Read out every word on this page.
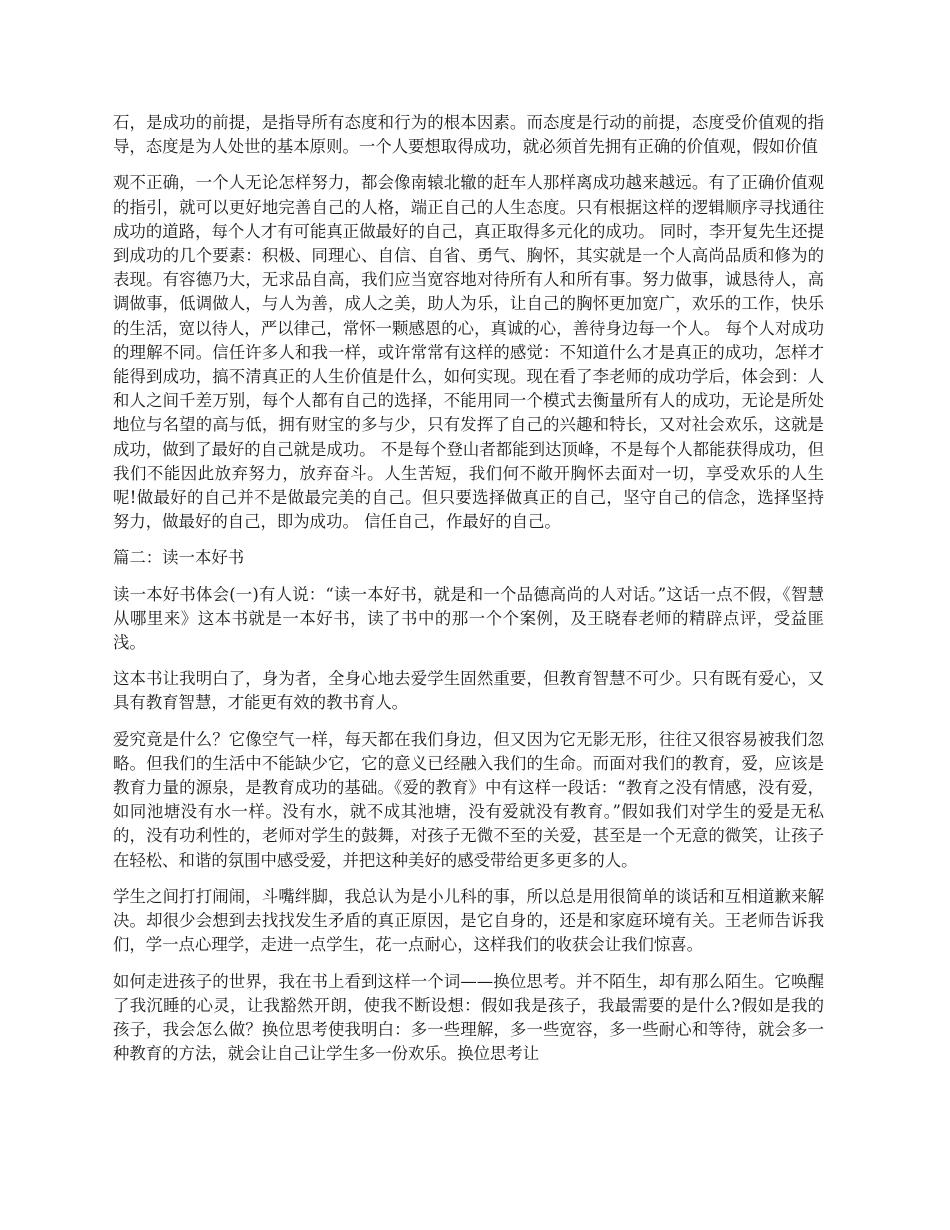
石，是成功的前提，是指导所有态度和行为的根本因素。而态度是行动的前提，态度受价值观的指导，态度是为人处世的基本原则。一个人要想取得成功，就必须首先拥有正确的价值观，假如价值

观不正确，一个人无论怎样努力，都会像南辕北辙的赶车人那样离成功越来越远。有了正确价值观的指引，就可以更好地完善自己的人格，端正自己的人生态度。只有根据这样的逻辑顺序寻找通往成功的道路，每个人才有可能真正做最好的自己，真正取得多元化的成功。 同时，李开复先生还提到成功的几个要素：积极、同理心、自信、自省、勇气、胸怀，其实就是一个人高尚品质和修为的表现。有容德乃大，无求品自高，我们应当宽容地对待所有人和所有事。努力做事，诚恳待人，高调做事，低调做人，与人为善，成人之美，助人为乐，让自己的胸怀更加宽广，欢乐的工作，快乐的生活，宽以待人，严以律己，常怀一颗感恩的心，真诚的心，善待身边每一个人。 每个人对成功的理解不同。信任许多人和我一样，或许常常有这样的感觉：不知道什么才是真正的成功，怎样才能得到成功，搞不清真正的人生价值是什么，如何实现。现在看了李老师的成功学后，体会到：人和人之间千差万别，每个人都有自己的选择，不能用同一个模式去衡量所有人的成功，无论是所处地位与名望的高与低，拥有财宝的多与少，只有发挥了自己的兴趣和特长，又对社会欢乐，这就是成功，做到了最好的自己就是成功。 不是每个登山者都能到达顶峰，不是每个人都能获得成功，但我们不能因此放弃努力，放弃奋斗。人生苦短，我们何不敞开胸怀去面对一切，享受欢乐的人生呢!做最好的自己并不是做最完美的自己。但只要选择做真正的自己，坚守自己的信念，选择坚持努力，做最好的自己，即为成功。 信任自己，作最好的自己。

篇二：读一本好书

读一本好书体会(一)有人说：“读一本好书，就是和一个品德高尚的人对话。”这话一点不假，《智慧从哪里来》这本书就是一本好书，读了书中的那一个个案例，及王晓春老师的精辟点评，受益匪浅。

这本书让我明白了，身为者，全身心地去爱学生固然重要，但教育智慧不可少。只有既有爱心，又具有教育智慧，才能更有效的教书育人。

爱究竟是什么？它像空气一样，每天都在我们身边，但又因为它无影无形，往往又很容易被我们忽略。但我们的生活中不能缺少它，它的意义已经融入我们的生命。而面对我们的教育，爱，应该是教育力量的源泉，是教育成功的基础。《爱的教育》中有这样一段话：“教育之没有情感，没有爱，如同池塘没有水一样。没有水，就不成其池塘，没有爱就没有教育。”假如我们对学生的爱是无私的，没有功利性的，老师对学生的鼓舞，对孩子无微不至的关爱，甚至是一个无意的微笑，让孩子在轻松、和谐的氛围中感受爱，并把这种美好的感受带给更多更多的人。

学生之间打打闹闹，斗嘴绊脚，我总认为是小儿科的事，所以总是用很简单的谈话和互相道歉来解决。却很少会想到去找找发生矛盾的真正原因，是它自身的，还是和家庭环境有关。王老师告诉我们，学一点心理学，走进一点学生，花一点耐心，这样我们的收获会让我们惊喜。

如何走进孩子的世界，我在书上看到这样一个词——换位思考。并不陌生，却有那么陌生。它唤醒了我沉睡的心灵，让我豁然开朗，使我不断设想：假如我是孩子，我最需要的是什么?假如是我的孩子，我会怎么做？换位思考使我明白：多一些理解，多一些宽容，多一些耐心和等待，就会多一种教育的方法，就会让自己让学生多一份欢乐。换位思考让
